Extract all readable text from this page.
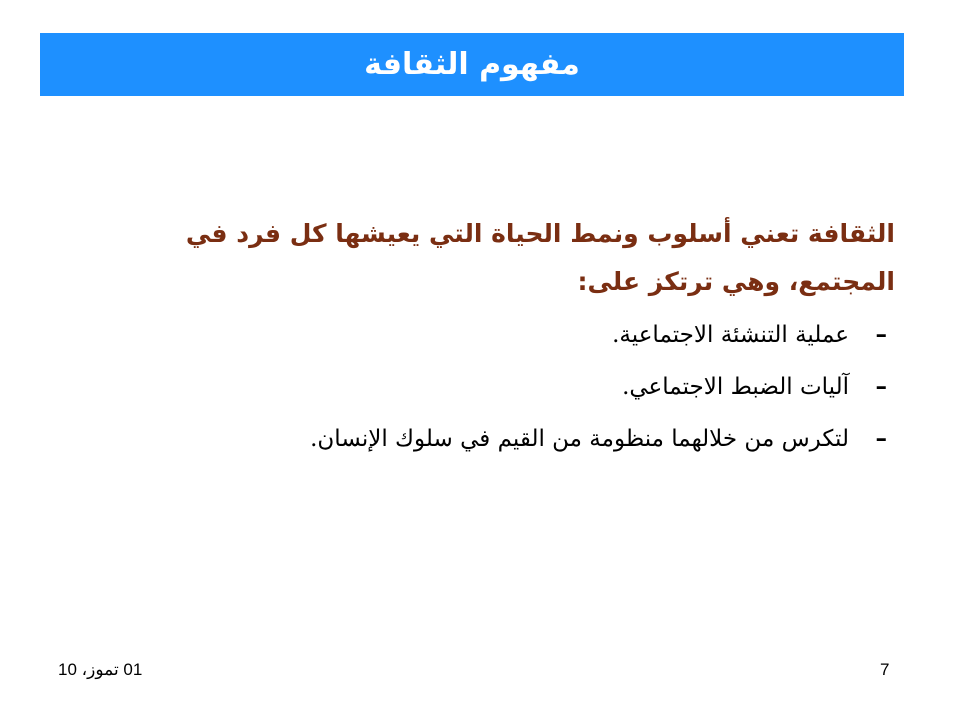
مفهوم الثقافة

الثقافة تعني أسلوب ونمط الحياة التي يعيشها كل فرد في المجتمع، وهي ترتكز على:

–
عملية التنشئة الاجتماعية.
–
آليات الضبط الاجتماعي.
–
لتكرس من خلالهما منظومة من القيم في سلوك الإنسان.
7
01 تموز، 10
